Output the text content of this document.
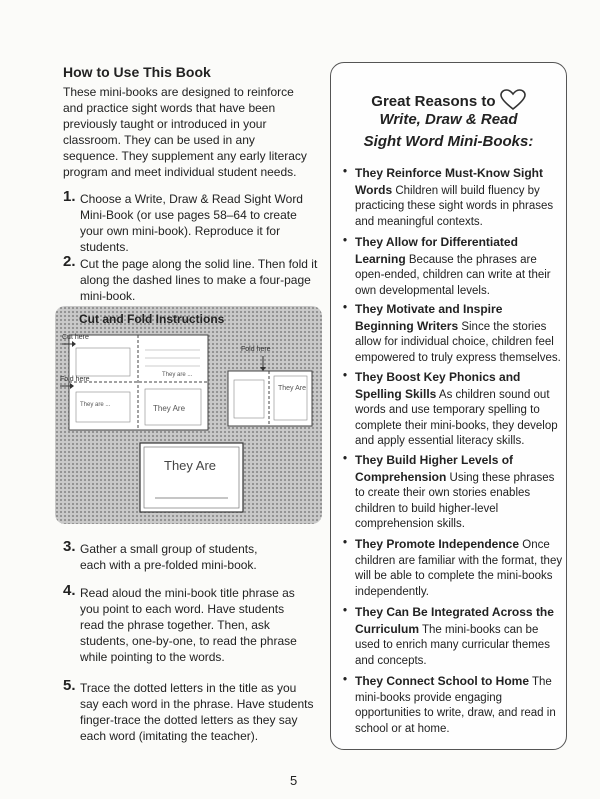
How to Use This Book
These mini-books are designed to reinforce and practice sight words that have been previously taught or introduced in your classroom. They can be used in any sequence. They supplement any early literacy program and meet individual student needs.
1. Choose a Write, Draw & Read Sight Word Mini-Book (or use pages 58–64 to create your own mini-book). Reproduce it for students.
2. Cut the page along the solid line. Then fold it along the dashed lines to make a four-page mini-book.
Cut and Fold Instructions
They Are
They are ...
They are ...
Cut here
Fold here
They Are
Fold here
They Are
3. Gather a small group of students, each with a pre-folded mini-book.
4. Read aloud the mini-book title phrase as you point to each word. Have students read the phrase together. Then, ask students, one-by-one, to read the phrase while pointing to the words.
5. Trace the dotted letters in the title as you say each word in the phrase. Have students finger-trace the dotted letters as they say each word (imitating the teacher).
Great Reasons to
Write, Draw & Read
Sight Word Mini-Books:
• They Reinforce Must-Know Sight Words Children will build fluency by practicing these sight words in phrases and meaningful contexts.
• They Allow for Differentiated Learning Because the phrases are open-ended, children can write at their own developmental levels.
• They Motivate and Inspire Beginning Writers Since the stories allow for individual choice, children feel empowered to truly express themselves.
• They Boost Key Phonics and Spelling Skills As children sound out words and use temporary spelling to complete their mini-books, they develop and apply essential literacy skills.
• They Build Higher Levels of Comprehension Using these phrases to create their own stories enables children to build higher-level comprehension skills.
• They Promote Independence Once children are familiar with the format, they will be able to complete the mini-books independently.
• They Can Be Integrated Across the Curriculum The mini-books can be used to enrich many curricular themes and concepts.
• They Connect School to Home The mini-books provide engaging opportunities to write, draw, and read in school or at home.
5
